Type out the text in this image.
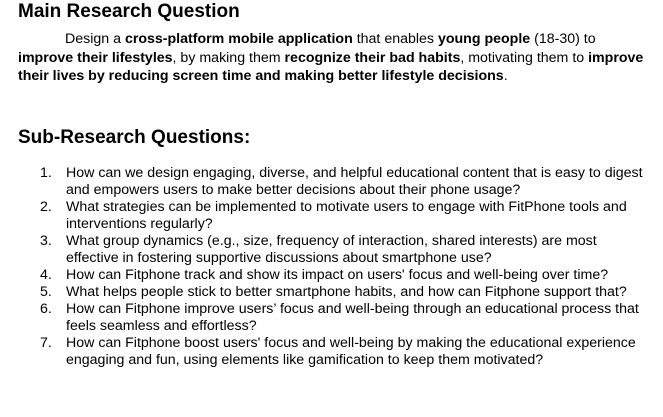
Main Research Question
Design a cross-platform mobile application that enables young people (18-30) to improve their lifestyles, by making them recognize their bad habits, motivating them to improve their lives by reducing screen time and making better lifestyle decisions.
Sub-Research Questions:
1. How can we design engaging, diverse, and helpful educational content that is easy to digest and empowers users to make better decisions about their phone usage?
2. What strategies can be implemented to motivate users to engage with FitPhone tools and interventions regularly?
3. What group dynamics (e.g., size, frequency of interaction, shared interests) are most effective in fostering supportive discussions about smartphone use?
4. How can Fitphone track and show its impact on users' focus and well-being over time?
5. What helps people stick to better smartphone habits, and how can Fitphone support that?
6. How can Fitphone improve users’ focus and well-being through an educational process that feels seamless and effortless?
7. How can Fitphone boost users' focus and well-being by making the educational experience engaging and fun, using elements like gamification to keep them motivated?
